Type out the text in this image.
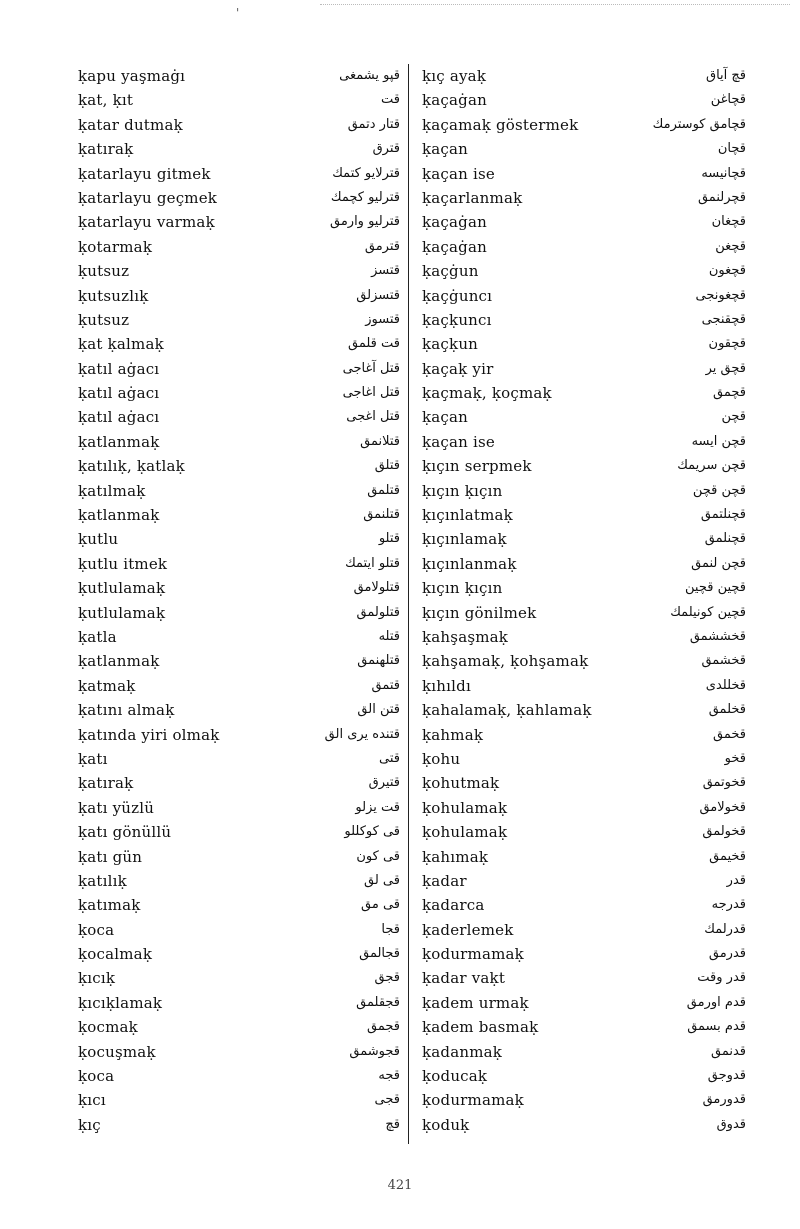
'
ḳapu yaşmaġı	قپو يشمغى
ḳat, ḳıt	قت
ḳatar dutmaḳ	قتار دتمق
ḳatıraḳ	قترق
ḳatarlayu gitmek	قترلايو كتمك
ḳatarlayu geçmek	قترليو كچمك
ḳatarlayu varmaḳ	قترليو وارمق
ḳotarmaḳ	قترمق
ḳutsuz	قتسز
ḳutsuzlıḳ	قتسزلق
ḳutsuz	قتسوز
ḳat ḳalmaḳ	قت قلمق
ḳatıl aġacı	قتل آغاجى
ḳatıl aġacı	قتل اغاجى
ḳatıl aġacı	قتل اغجى
ḳatlanmaḳ	قتلانمق
ḳatılıḳ, ḳatlaḳ	قتلق
ḳatılmaḳ	قتلمق
ḳatlanmaḳ	قتلنمق
ḳutlu	قتلو
ḳutlu itmek	قتلو ايتمك
ḳutlulamaḳ	قتلولامق
ḳutlulamaḳ	قتلولمق
ḳatla	قتله
ḳatlanmaḳ	قتلهنمق
ḳatmaḳ	قتمق
ḳatını almaḳ	قتن الق
ḳatında yiri olmaḳ	قتنده يرى الق
ḳatı	قتى
ḳatıraḳ	قتيرق
ḳatı yüzlü	قت يزلو
ḳatı gönüllü	قى كوكللو
ḳatı gün	قى كون
ḳatılıḳ	قى لق
ḳatımaḳ	قى مق
ḳoca	قجا
ḳocalmaḳ	قجالمق
ḳıcıḳ	قجق
ḳıcıḳlamaḳ	قجقلمق
ḳocmaḳ	قجمق
ḳocuşmaḳ	قجوشمق
ḳoca	قجه
ḳıcı	قجى
ḳıç	قچ
ḳıç ayaḳ	قچ آياق
ḳaçaġan	قچاغن
ḳaçamaḳ göstermek	قچامق كوسترمك
ḳaçan	قچان
ḳaçan ise	قچانيسه
ḳaçarlanmaḳ	قچرلنمق
ḳaçaġan	قچغان
ḳaçaġan	قچغن
ḳaçġun	قچغون
ḳaçġuncı	قچغونجى
ḳaçḳuncı	قچقنجى
ḳaçḳun	قچقون
ḳaçaḳ yir	قچق ير
ḳaçmaḳ, ḳoçmaḳ	قچمق
ḳaçan	قچن
ḳaçan ise	قچن ايسه
ḳıçın serpmek	قچن سريمك
ḳıçın ḳıçın	قچن قچن
ḳıçınlatmaḳ	قچنلتمق
ḳıçınlamaḳ	قچنلمق
ḳıçınlanmaḳ	قچن لنمق
ḳıçın ḳıçın	قچين قچين
ḳıçın gönilmek	قچين كونيلمك
ḳahşaşmaḳ	قخششمق
ḳahşamaḳ, ḳohşamaḳ	قخشمق
ḳıhıldı	قخللدى
ḳahalamaḳ, ḳahlamaḳ	قخلمق
ḳahmaḳ	قخمق
ḳohu	قخو
ḳohutmaḳ	قخوتمق
ḳohulamaḳ	قخولامق
ḳohulamaḳ	قخولمق
ḳahımaḳ	قخيمق
ḳadar	قدر
ḳadarca	قدرجه
ḳaderlemek	قدرلمك
ḳodurmamaḳ	قدرمق
ḳadar vaḳt	قدر وقت
ḳadem urmaḳ	قدم اورمق
ḳadem basmaḳ	قدم بسمق
ḳadanmaḳ	قدنمق
ḳoducaḳ	قدوجق
ḳodurmamaḳ	قدورمق
ḳoduḳ	قدوق
421
